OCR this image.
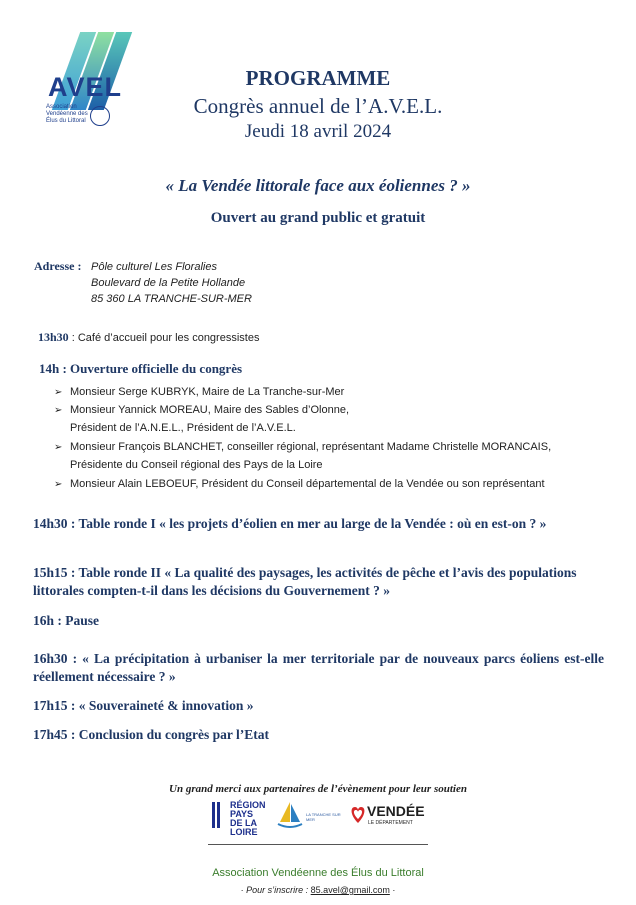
AVEL
Association Vendéenne des Élus du Littoral
PROGRAMME
Congrès annuel de l’A.V.E.L.
Jeudi 18 avril 2024
« La Vendée littorale face aux éoliennes ? »
Ouvert au grand public et gratuit
Adresse : Pôle culturel Les Floralies
Boulevard de la Petite Hollande
85 360 LA TRANCHE-SUR-MER
13h30 : Café d’accueil pour les congressistes
14h : Ouverture officielle du congrès
➢ Monsieur Serge KUBRYK, Maire de La Tranche-sur-Mer
➢ Monsieur Yannick MOREAU, Maire des Sables d’Olonne,
Président de l’A.N.E.L., Président de l’A.V.E.L.
➢ Monsieur François BLANCHET, conseiller régional, représentant Madame Christelle MORANCAIS,
Présidente du Conseil régional des Pays de la Loire
➢ Monsieur Alain LEBOEUF, Président du Conseil départemental de la Vendée ou son représentant
14h30 : Table ronde I « les projets d’éolien en mer au large de la Vendée : où en est-on ? »
15h15 : Table ronde II « La qualité des paysages, les activités de pêche et l’avis des populations littorales compten-t-il dans les décisions du Gouvernement ? »
16h : Pause
16h30 : « La précipitation à urbaniser la mer territoriale par de nouveaux parcs éoliens est-elle réellement nécessaire ? »
17h15 : « Souveraineté & innovation »
17h45 : Conclusion du congrès par l’Etat
Un grand merci aux partenaires de l’évènement pour leur soutien
RÉGION
PAYS
DE LA LOIRE
LA TRANCHE SUR MER
VENDÉE
LE DÉPARTEMENT
Association Vendéenne des Élus du Littoral
· Pour s’inscrire : 85.avel@gmail.com ·
